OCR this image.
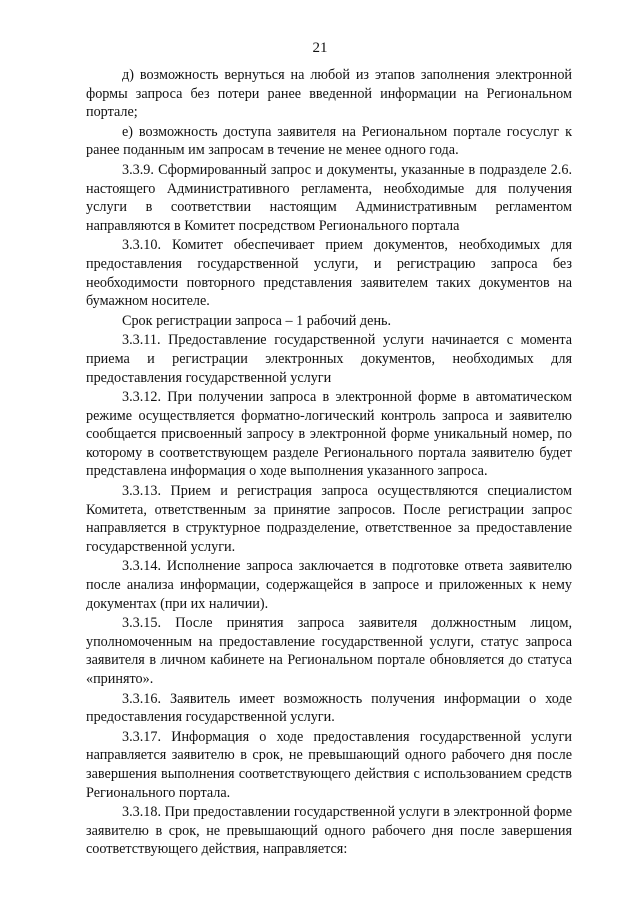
21

д) возможность вернуться на любой из этапов заполнения электронной формы запроса без потери ранее введенной информации на Региональном портале;

е) возможность доступа заявителя на Региональном портале госуслуг к ранее поданным им запросам в течение не менее одного года.

3.3.9. Сформированный запрос и документы, указанные в подразделе 2.6. настоящего Административного регламента, необходимые для получения услуги в соответствии настоящим Административным регламентом направляются в Комитет посредством Регионального портала

3.3.10. Комитет обеспечивает прием документов, необходимых для предоставления государственной услуги, и регистрацию запроса без необходимости повторного представления заявителем таких документов на бумажном носителе.

Срок регистрации запроса – 1 рабочий день.

3.3.11. Предоставление государственной услуги начинается с момента приема и регистрации электронных документов, необходимых для предоставления государственной услуги

3.3.12. При получении запроса в электронной форме в автоматическом режиме осуществляется форматно-логический контроль запроса и заявителю сообщается присвоенный запросу в электронной форме уникальный номер, по которому в соответствующем разделе Регионального портала заявителю будет представлена информация о ходе выполнения указанного запроса.

3.3.13. Прием и регистрация запроса осуществляются специалистом Комитета, ответственным за принятие запросов. После регистрации запрос направляется в структурное подразделение, ответственное за предоставление государственной услуги.

3.3.14. Исполнение запроса заключается в подготовке ответа заявителю после анализа информации, содержащейся в запросе и приложенных к нему документах (при их наличии).

3.3.15. После принятия запроса заявителя должностным лицом, уполномоченным на предоставление государственной услуги, статус запроса заявителя в личном кабинете на Региональном портале обновляется до статуса «принято».

3.3.16. Заявитель имеет возможность получения информации о ходе предоставления государственной услуги.

3.3.17. Информация о ходе предоставления государственной услуги направляется заявителю в срок, не превышающий одного рабочего дня после завершения выполнения соответствующего действия с использованием средств Регионального портала.

3.3.18. При предоставлении государственной услуги в электронной форме заявителю в срок, не превышающий одного рабочего дня после завершения соответствующего действия, направляется:
